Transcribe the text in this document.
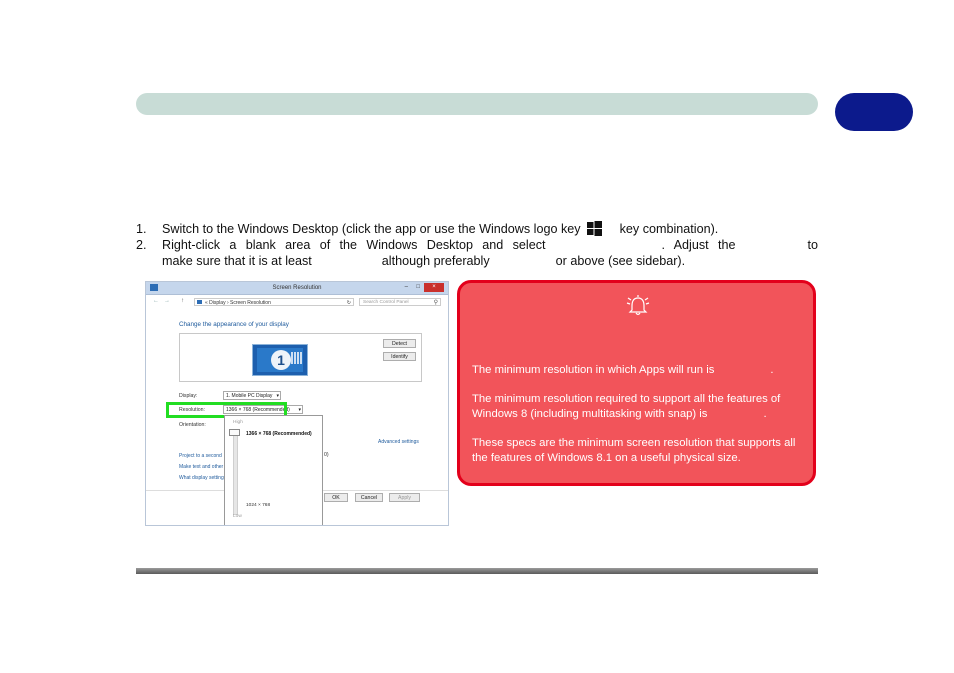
1. Switch to the Windows Desktop (click the app or use the Windows logo key	key combination).
2. Right-click a blank area of the Windows Desktop and select	. Adjust the	to
make sure that it is at least	although preferably	or above (see sidebar).
Screen Resolution	– □	×
← → ↑	« Display › Screen Resolution	↻	Search Control Panel	⚲
Change the appearance of your display
1
Detect
Identify
Display:	1. Mobile PC Display ▾
Resolution:	1366 × 768 (Recommended) ▾
Orientation:
Advanced settings
Project to a second
Make text and other
What display setting
0)
OK	Cancel	Apply
High
1366 × 768 (Recommended)
1024 × 768
Low

The minimum resolution in which Apps will run is	.

The minimum resolution required to support all the features of Windows 8 (including multitasking with snap) is	.

These specs are the minimum screen resolution that supports all the features of Windows 8.1 on a useful physical size.
